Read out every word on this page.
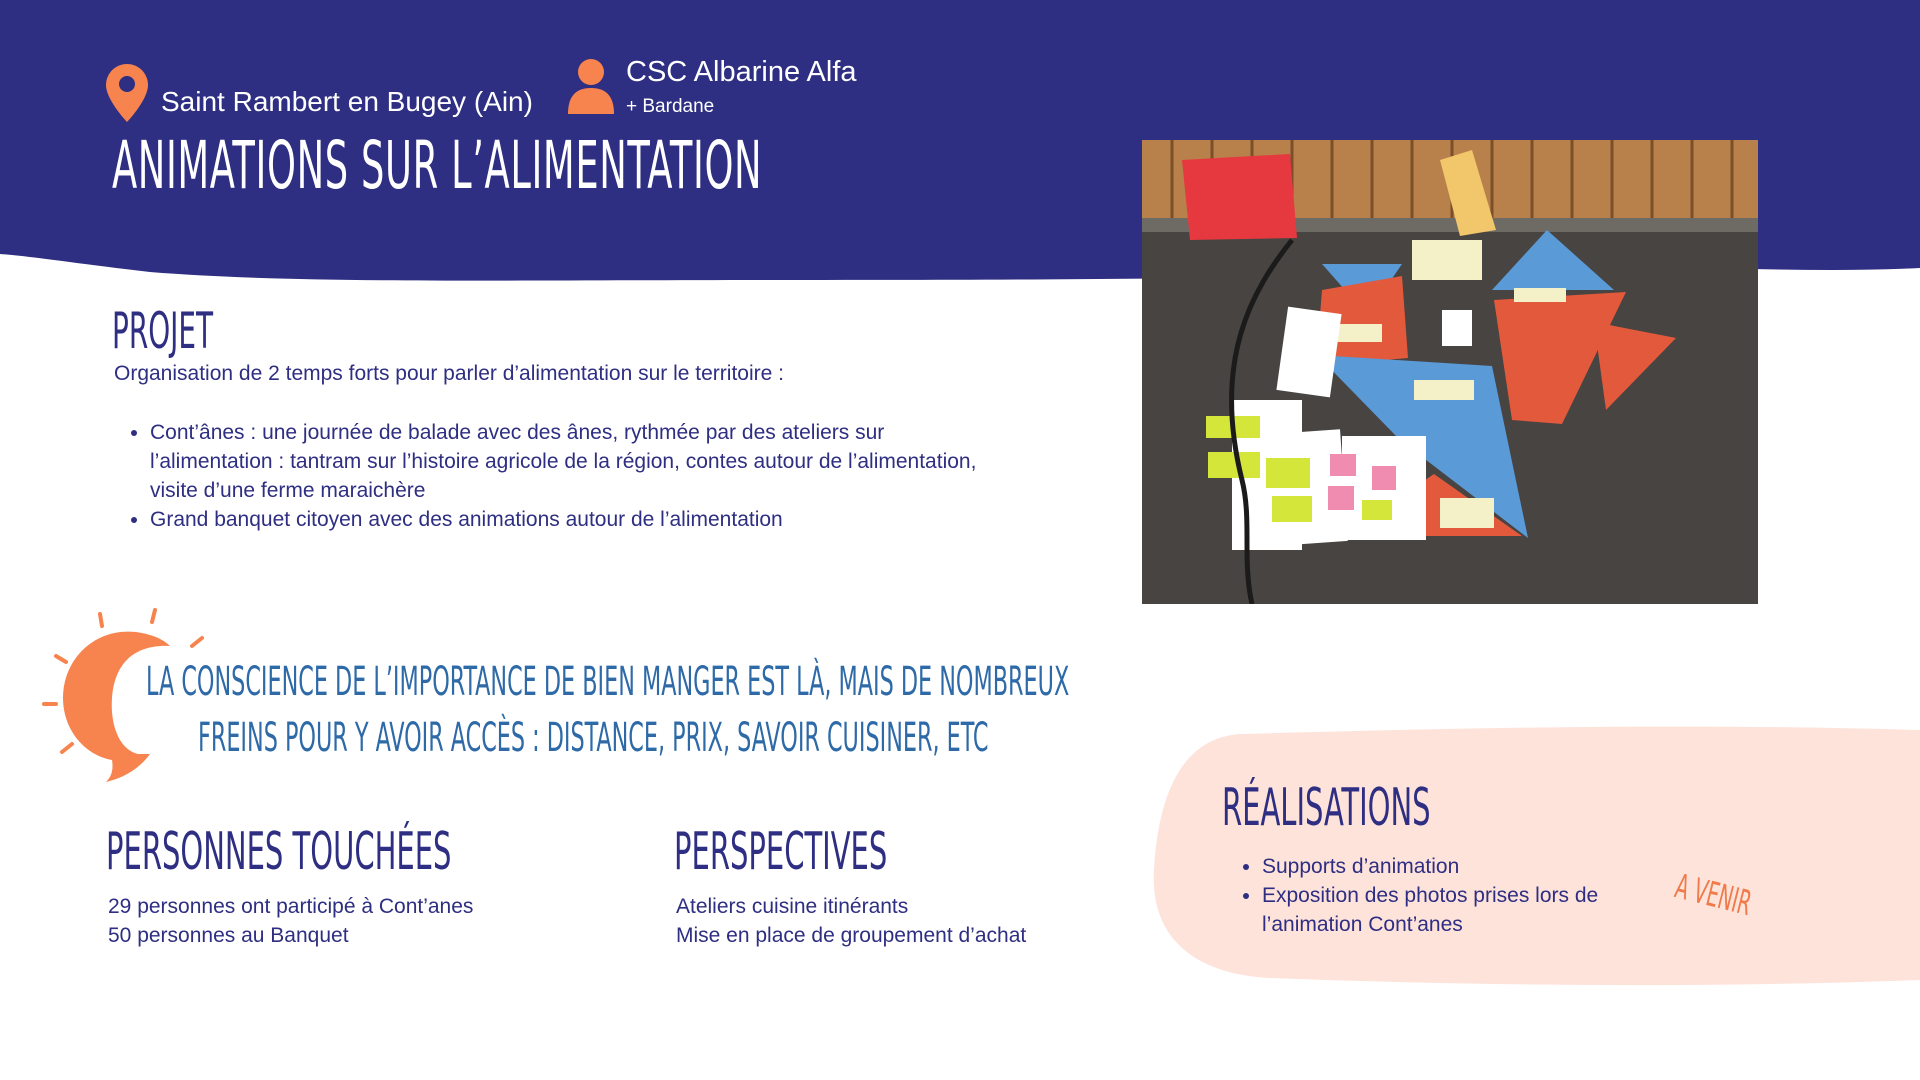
Saint Rambert en Bugey (Ain)
CSC Albarine Alfa
+ Bardane
ANIMATIONS SUR L’ALIMENTATION
PROJET
Organisation de 2 temps forts pour parler d’alimentation sur le territoire :
• Cont’ânes : une journée de balade avec des ânes, rythmée par des ateliers sur l’alimentation : tantram sur l’histoire agricole de la région, contes autour de l’alimentation, visite d’une ferme maraichère
• Grand banquet citoyen avec des animations autour de l’alimentation
LA CONSCIENCE DE L’IMPORTANCE DE BIEN MANGER EST LÀ, MAIS DE NOMBREUX
FREINS POUR Y AVOIR ACCÈS : DISTANCE, PRIX, SAVOIR CUISINER, ETC
PERSONNES TOUCHÉES
29 personnes ont participé à Cont’anes
50 personnes au Banquet
PERSPECTIVES
Ateliers cuisine itinérants
Mise en place de groupement d’achat
RÉALISATIONS
• Supports d’animation
• Exposition des photos prises lors de l’animation Cont’anes
A VENIR
